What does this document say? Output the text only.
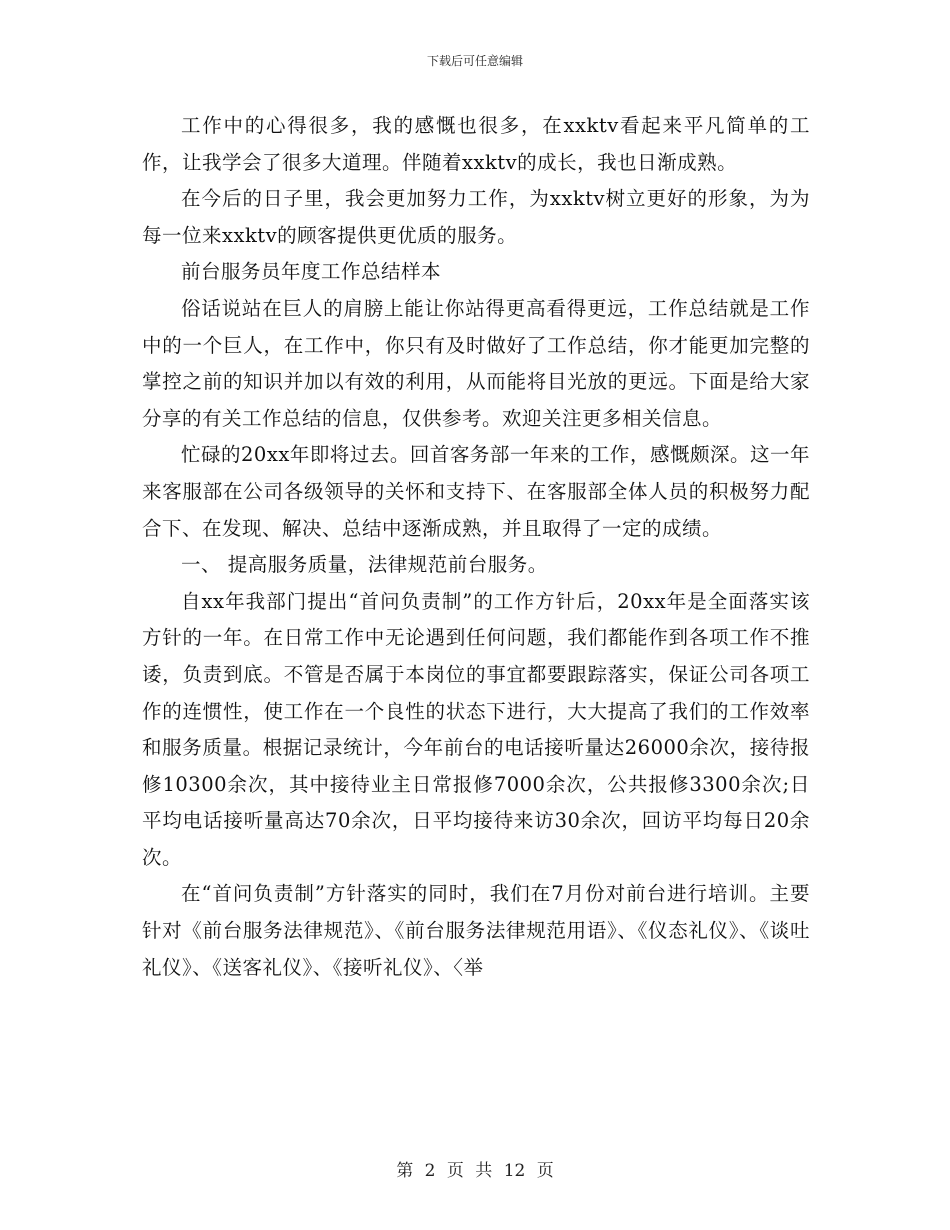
下载后可任意编辑

工作中的心得很多，我的感慨也很多，在xxktv看起来平凡简单的工作，让我学会了很多大道理。伴随着xxktv的成长，我也日渐成熟。

在今后的日子里，我会更加努力工作，为xxktv树立更好的形象，为为每一位来xxktv的顾客提供更优质的服务。

前台服务员年度工作总结样本

俗话说站在巨人的肩膀上能让你站得更高看得更远，工作总结就是工作中的一个巨人，在工作中，你只有及时做好了工作总结，你才能更加完整的掌控之前的知识并加以有效的利用，从而能将目光放的更远。下面是给大家分享的有关工作总结的信息，仅供参考。欢迎关注更多相关信息。

忙碌的20xx年即将过去。回首客务部一年来的工作，感慨颇深。这一年来客服部在公司各级领导的关怀和支持下、在客服部全体人员的积极努力配合下、在发现、解决、总结中逐渐成熟，并且取得了一定的成绩。

一、 提高服务质量，法律规范前台服务。

自xx年我部门提出“首问负责制”的工作方针后，20xx年是全面落实该方针的一年。在日常工作中无论遇到任何问题，我们都能作到各项工作不推诿，负责到底。不管是否属于本岗位的事宜都要跟踪落实，保证公司各项工作的连惯性，使工作在一个良性的状态下进行，大大提高了我们的工作效率和服务质量。根据记录统计，今年前台的电话接听量达26000余次，接待报修10300余次，其中接待业主日常报修7000余次，公共报修3300余次;日平均电话接听量高达70余次，日平均接待来访30余次，回访平均每日20余次。

在“首问负责制”方针落实的同时，我们在7月份对前台进行培训。主要针对《前台服务法律规范》、《前台服务法律规范用语》、《仪态礼仪》、《谈吐礼仪》、《送客礼仪》、《接听礼仪》、〈举

第 2 页 共 12 页
